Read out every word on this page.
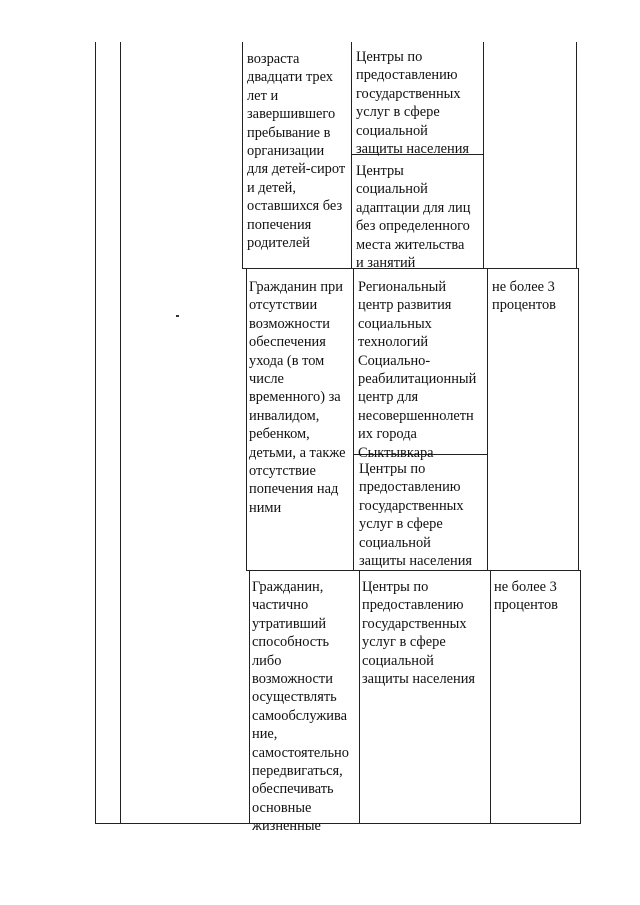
возраста
двадцати трех
лет и
завершившего
пребывание в
организации
для детей-сирот
и детей,
оставшихся без
попечения
родителей
Центры по
предоставлению
государственных
услуг в сфере
социальной
защиты населения
Центры
социальной
адаптации для лиц
без определенного
места жительства
и занятий
Гражданин при
отсутствии
возможности
обеспечения
ухода (в том
числе
временного) за
инвалидом,
ребенком,
детьми, а также
отсутствие
попечения над
ними
Региональный
центр развития
социальных
технологий
Социально-
реабилитационный
центр для
несовершеннолетн
их города
Сыктывкара
Центры по
предоставлению
государственных
услуг в сфере
социальной
защиты населения
не более 3
процентов
Гражданин,
частично
утративший
способность
либо
возможности
осуществлять
самообслужива
ние,
самостоятельно
передвигаться,
обеспечивать
основные
жизненные
Центры по
предоставлению
государственных
услуг в сфере
социальной
защиты населения
не более 3
процентов
